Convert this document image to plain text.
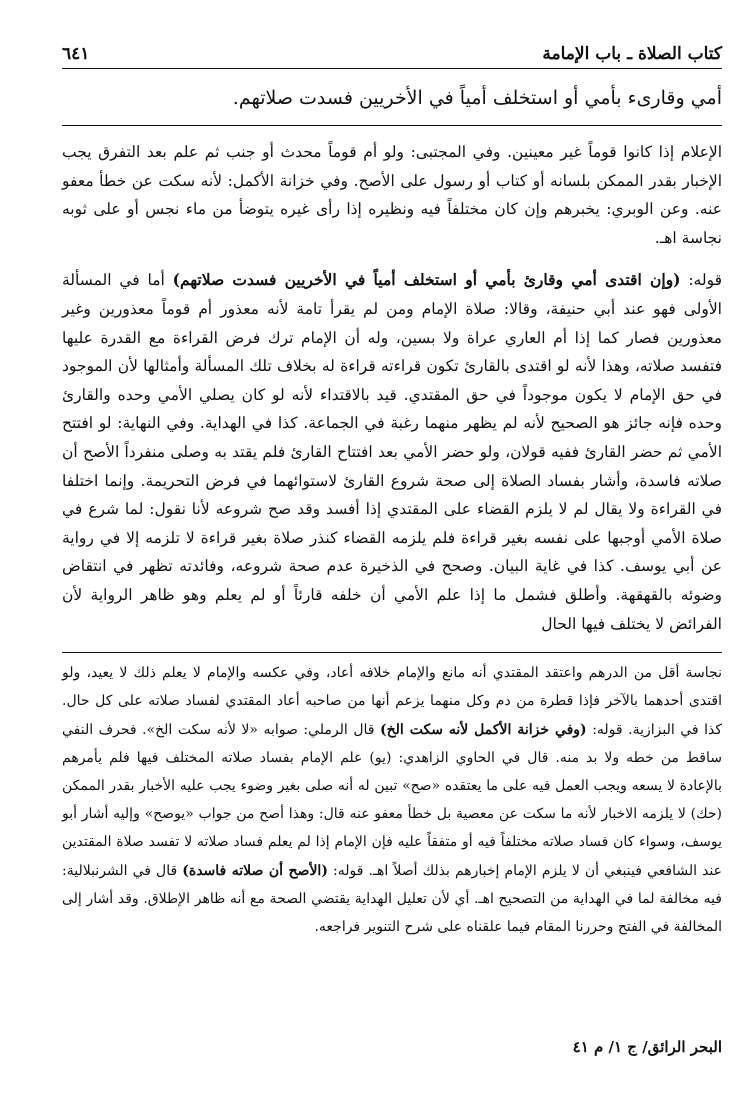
كتاب الصلاة ـ باب الإمامة
٦٤١
أمي وقارىء بأمي أو استخلف أمياً في الأخريين فسدت صلاتهم.

الإعلام إذا كانوا قوماً غير معينين. وفي المجتبى: ولو أم قوماً محدث أو جنب ثم علم بعد التفرق يجب الإخبار بقدر الممكن بلسانه أو كتاب أو رسول على الأصح. وفي خزانة الأكمل: لأنه سكت عن خطأ معفو عنه. وعن الوبري: يخبرهم وإن كان مختلفاً فيه ونظيره إذا رأى غيره يتوضأ من ماء نجس أو على ثوبه نجاسة اهـ.

قوله: (وإن اقتدى أمي وقارئ بأمي أو استخلف أمياً في الأخريين فسدت صلاتهم) أما في المسألة الأولى فهو عند أبي حنيفة، وقالا: صلاة الإمام ومن لم يقرأ تامة لأنه معذور أم قوماً معذورين وغير معذورين فصار كما إذا أم العاري عراة ولا بسين، وله أن الإمام ترك فرض القراءة مع القدرة عليها فتفسد صلاته، وهذا لأنه لو اقتدى بالقارئ تكون قراءته قراءة له بخلاف تلك المسألة وأمثالها لأن الموجود في حق الإمام لا يكون موجوداً في حق المقتدي. قيد بالاقتداء لأنه لو كان يصلي الأمي وحده والقارئ وحده فإنه جائز هو الصحيح لأنه لم يظهر منهما رغبة في الجماعة. كذا في الهداية. وفي النهاية: لو افتتح الأمي ثم حضر القارئ ففيه قولان، ولو حضر الأمي بعد افتتاح القارئ فلم يقتد به وصلى منفرداً الأصح أن صلاته فاسدة، وأشار بفساد الصلاة إلى صحة شروع القارئ لاستوائهما في فرض التحريمة. وإنما اختلفا في القراءة ولا يقال لم لا يلزم القضاء على المقتدي إذا أفسد وقد صح شروعه لأنا نقول: لما شرع في صلاة الأمي أوجبها على نفسه بغير قراءة فلم يلزمه القضاء كنذر صلاة بغير قراءة لا تلزمه إلا في رواية عن أبي يوسف. كذا في غاية البيان. وصحح في الذخيرة عدم صحة شروعه، وفائدته تظهر في انتقاض وضوئه بالقهقهة. وأطلق فشمل ما إذا علم الأمي أن خلفه قارئاً أو لم يعلم وهو ظاهر الرواية لأن الفرائض لا يختلف فيها الحال

نجاسة أقل من الدرهم واعتقد المقتدي أنه مانع والإمام خلافه أعاد، وفي عكسه والإمام لا يعلم ذلك لا يعيد، ولو اقتدى أحدهما بالآخر فإذا قطرة من دم وكل منهما يزعم أنها من صاحبه أعاد المقتدي لفساد صلاته على كل حال. كذا في البزازية. قوله: (وفي خزانة الأكمل لأنه سكت الخ) قال الرملي: صوابه «لا لأنه سكت الخ». فحرف النفي ساقط من خطه ولا بد منه. قال في الحاوي الزاهدي: (يو) علم الإمام بفساد صلاته المختلف فيها فلم يأمرهم بالإعادة لا يسعه ويجب العمل فيه على ما يعتقده «صح» تبين له أنه صلى بغير وضوء يجب عليه الأخبار بقدر الممكن (حك) لا يلزمه الاخبار لأنه ما سكت عن معصية بل خطأ معفو عنه قال: وهذا أصح من جواب «يوصح» وإليه أشار أبو يوسف، وسواء كان فساد صلاته مختلفاً فيه أو متفقاً عليه فإن الإمام إذا لم يعلم فساد صلاته لا تفسد صلاة المقتدين عند الشافعي فينبغي أن لا يلزم الإمام إخبارهم بذلك أصلاً اهـ. قوله: (الأصح أن صلاته فاسدة) قال في الشرنبلالية: فيه مخالفة لما في الهداية من التصحيح اهـ. أي لأن تعليل الهداية يقتضي الصحة مع أنه ظاهر الإطلاق. وقد أشار إلى المخالفة في الفتح وحررنا المقام فيما علقناه على شرح التنوير فراجعه.

البحر الرائق/ ج ١/ م ٤١
